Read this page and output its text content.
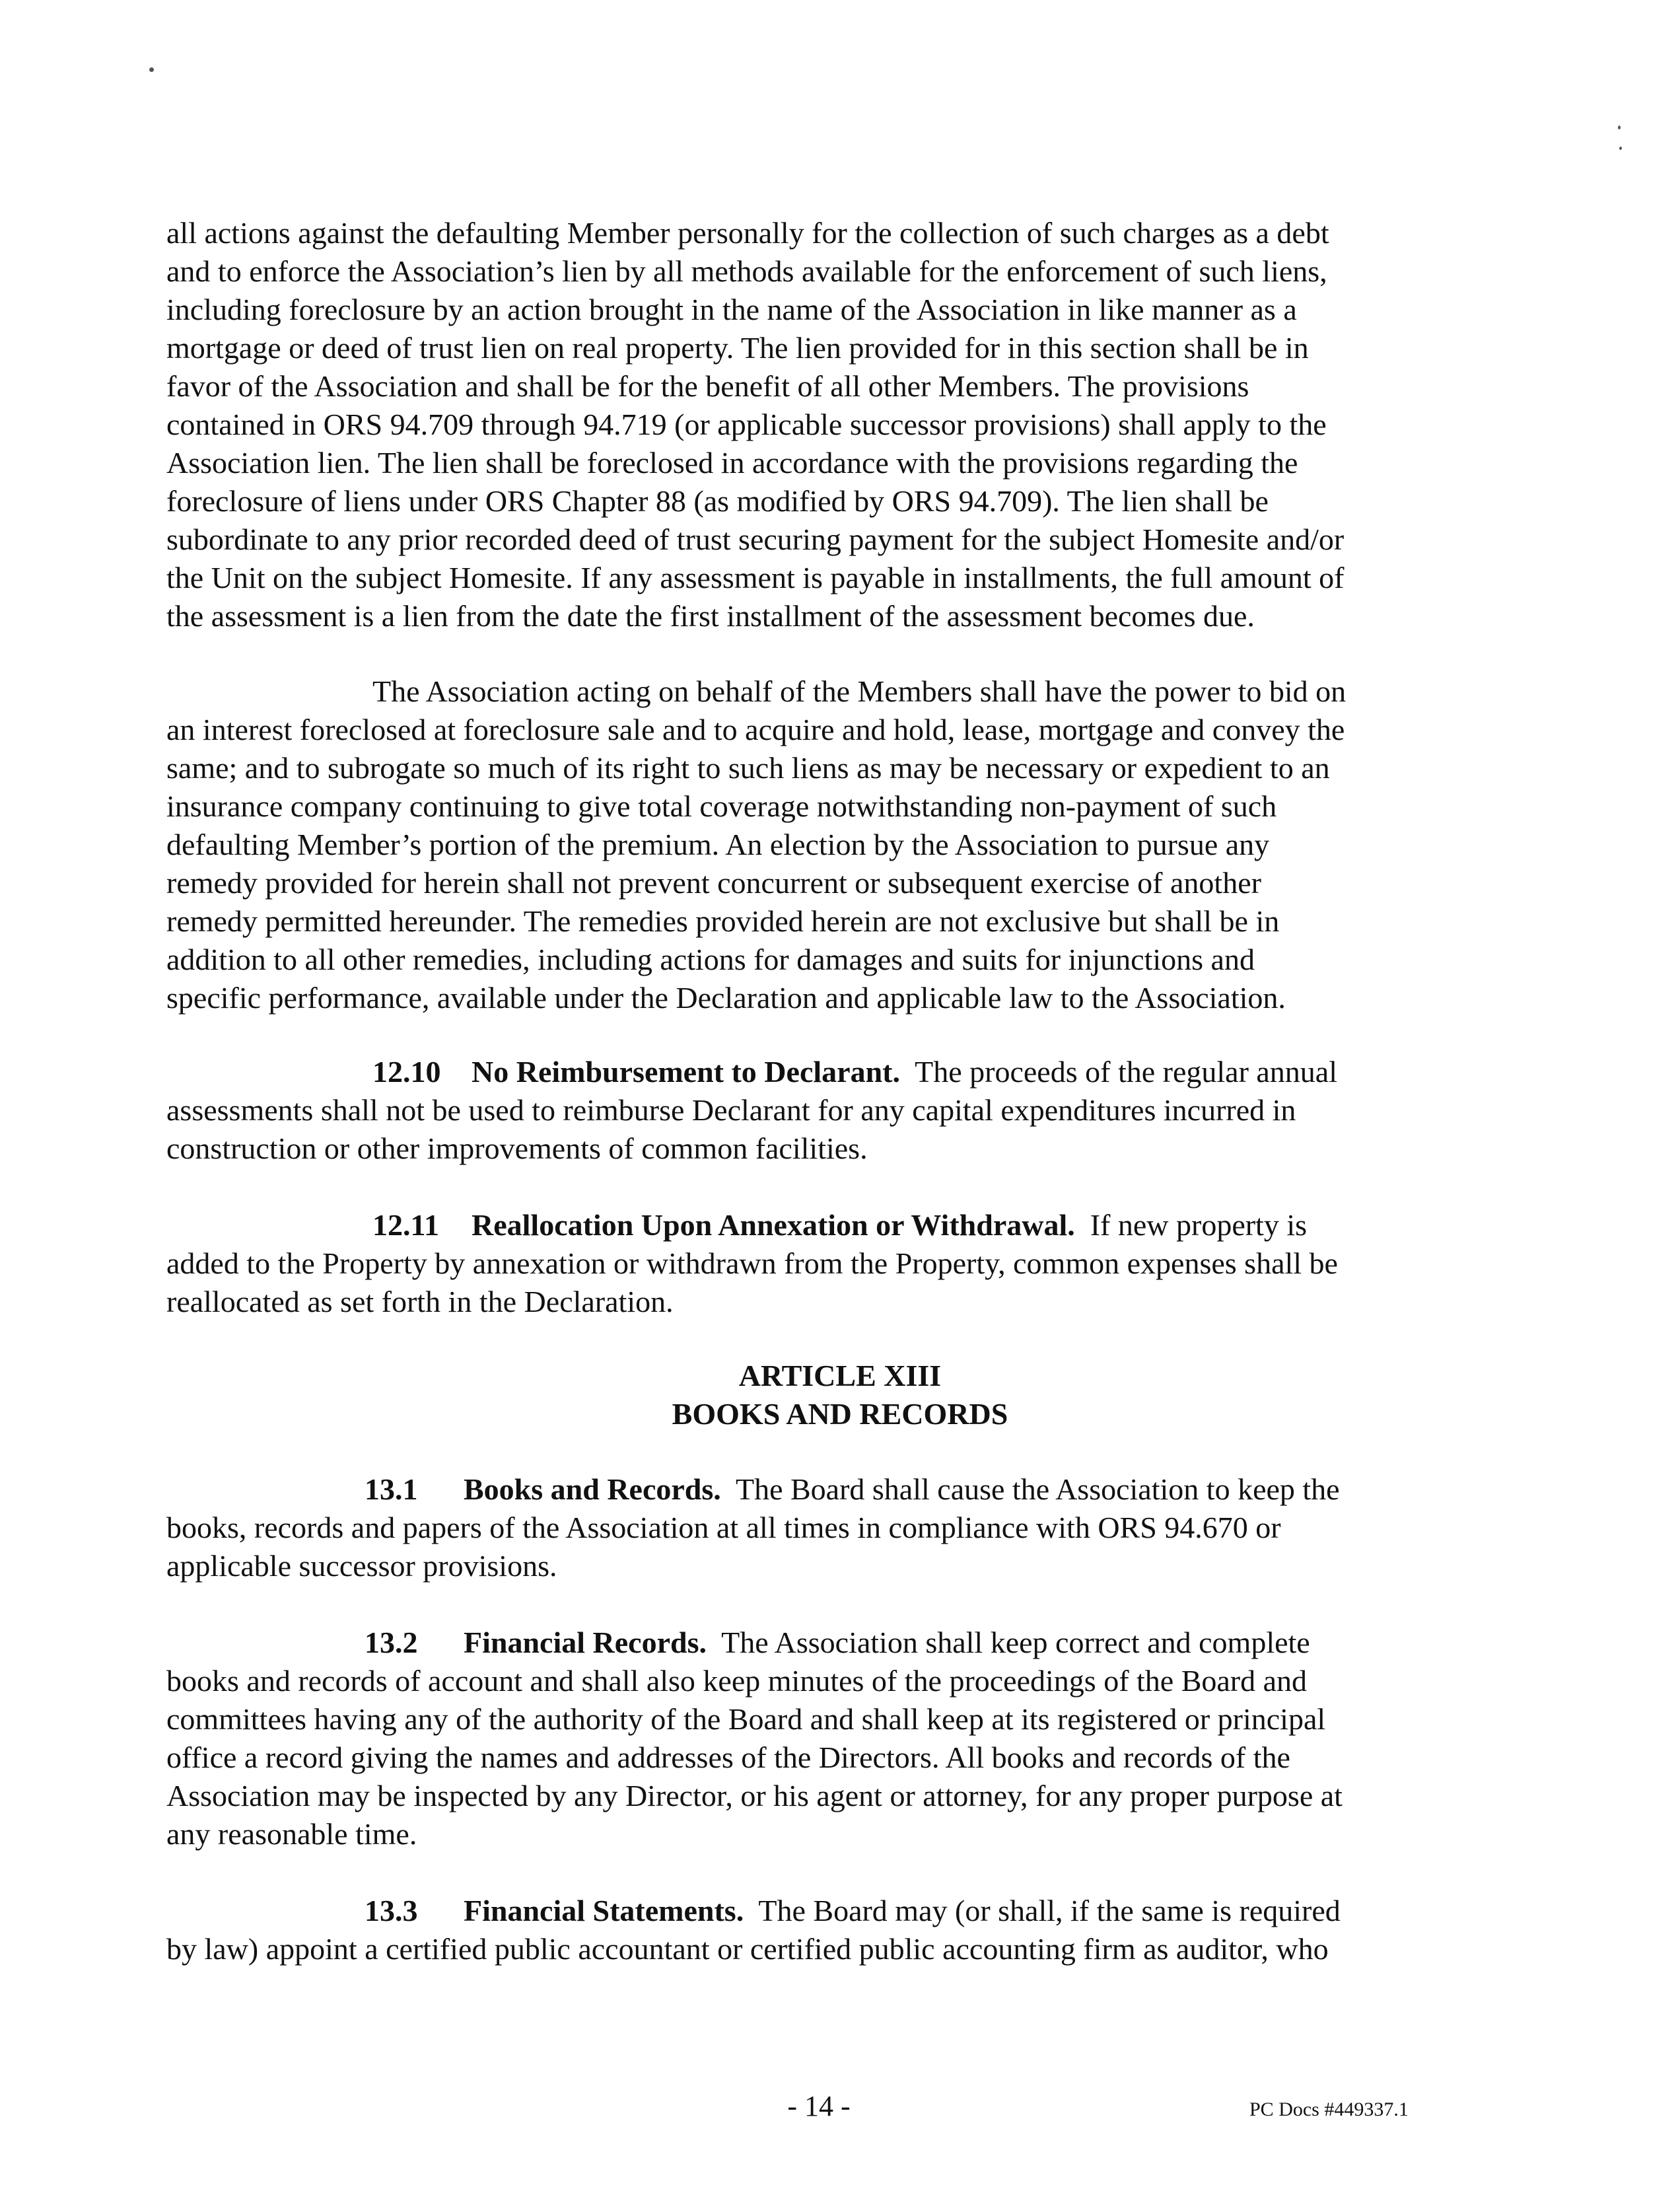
all actions against the defaulting Member personally for the collection of such charges as a debt
and to enforce the Association’s lien by all methods available for the enforcement of such liens,
including foreclosure by an action brought in the name of the Association in like manner as a
mortgage or deed of trust lien on real property. The lien provided for in this section shall be in
favor of the Association and shall be for the benefit of all other Members. The provisions
contained in ORS 94.709 through 94.719 (or applicable successor provisions) shall apply to the
Association lien. The lien shall be foreclosed in accordance with the provisions regarding the
foreclosure of liens under ORS Chapter 88 (as modified by ORS 94.709). The lien shall be
subordinate to any prior recorded deed of trust securing payment for the subject Homesite and/or
the Unit on the subject Homesite. If any assessment is payable in installments, the full amount of
the assessment is a lien from the date the first installment of the assessment becomes due.
The Association acting on behalf of the Members shall have the power to bid on
an interest foreclosed at foreclosure sale and to acquire and hold, lease, mortgage and convey the
same; and to subrogate so much of its right to such liens as may be necessary or expedient to an
insurance company continuing to give total coverage notwithstanding non-payment of such
defaulting Member’s portion of the premium. An election by the Association to pursue any
remedy provided for herein shall not prevent concurrent or subsequent exercise of another
remedy permitted hereunder. The remedies provided herein are not exclusive but shall be in
addition to all other remedies, including actions for damages and suits for injunctions and
specific performance, available under the Declaration and applicable law to the Association.
12.10 No Reimbursement to Declarant. The proceeds of the regular annual
assessments shall not be used to reimburse Declarant for any capital expenditures incurred in
construction or other improvements of common facilities.
12.11 Reallocation Upon Annexation or Withdrawal. If new property is
added to the Property by annexation or withdrawn from the Property, common expenses shall be
reallocated as set forth in the Declaration.
ARTICLE XIII
BOOKS AND RECORDS
13.1 Books and Records. The Board shall cause the Association to keep the
books, records and papers of the Association at all times in compliance with ORS 94.670 or
applicable successor provisions.
13.2 Financial Records. The Association shall keep correct and complete
books and records of account and shall also keep minutes of the proceedings of the Board and
committees having any of the authority of the Board and shall keep at its registered or principal
office a record giving the names and addresses of the Directors. All books and records of the
Association may be inspected by any Director, or his agent or attorney, for any proper purpose at
any reasonable time.
13.3 Financial Statements. The Board may (or shall, if the same is required
by law) appoint a certified public accountant or certified public accounting firm as auditor, who
- 14 -	PC Docs #449337.1
